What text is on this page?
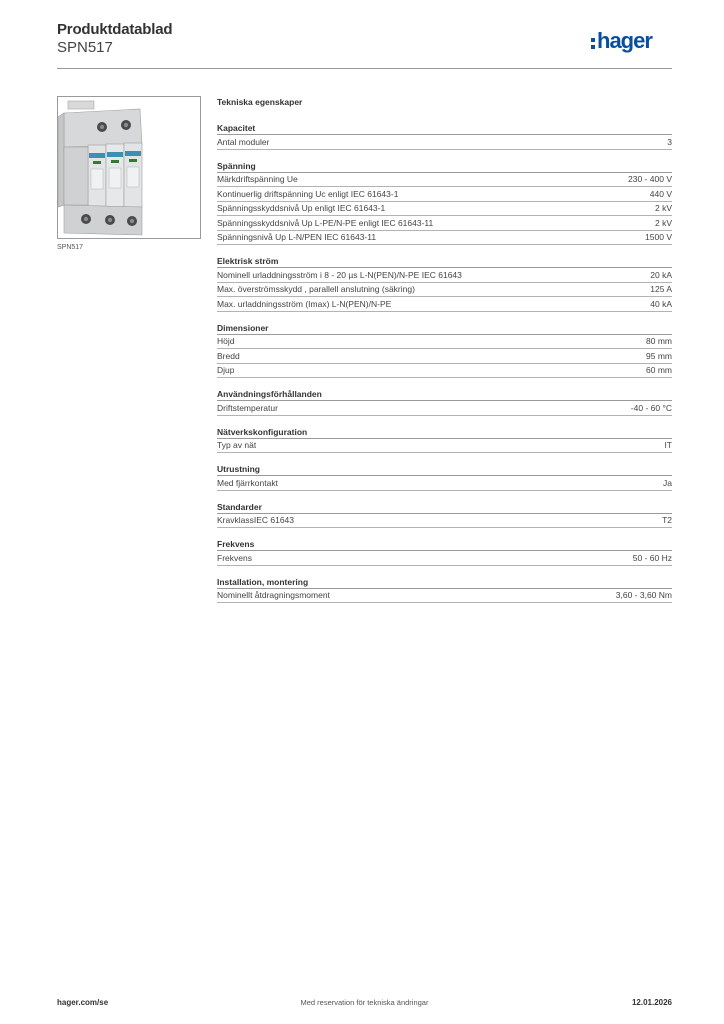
Produktdatablad
SPN517	hager
SPN517
Tekniska egenskaper
Kapacitet
Antal moduler	3
Spänning
Märkdriftspänning Ue	230 - 400 V
Kontinuerlig driftspänning Uc enligt IEC 61643-1	440 V
Spänningsskyddsnivå Up enligt IEC 61643-1	2 kV
Spänningsskyddsnivå Up L-PE/N-PE enligt IEC 61643-11	2 kV
Spänningsnivå Up L-N/PEN IEC 61643-11	1500 V
Elektrisk ström
Nominell urladdningsström i 8 - 20 µs L-N(PEN)/N-PE IEC 61643	20 kA
Max. överströmsskydd , parallell anslutning (säkring)	125 A
Max. urladdningsström (Imax) L-N(PEN)/N-PE	40 kA
Dimensioner
Höjd	80 mm
Bredd	95 mm
Djup	60 mm
Användningsförhållanden
Driftstemperatur	-40 - 60 °C
Nätverkskonfiguration
Typ av nät	IT
Utrustning
Med fjärrkontakt	Ja
Standarder
KravklassIEC 61643	T2
Frekvens
Frekvens	50 - 60 Hz
Installation, montering
Nominellt åtdragningsmoment	3,60 - 3,60 Nm
hager.com/se	Med reservation för tekniska ändringar	12.01.2026
